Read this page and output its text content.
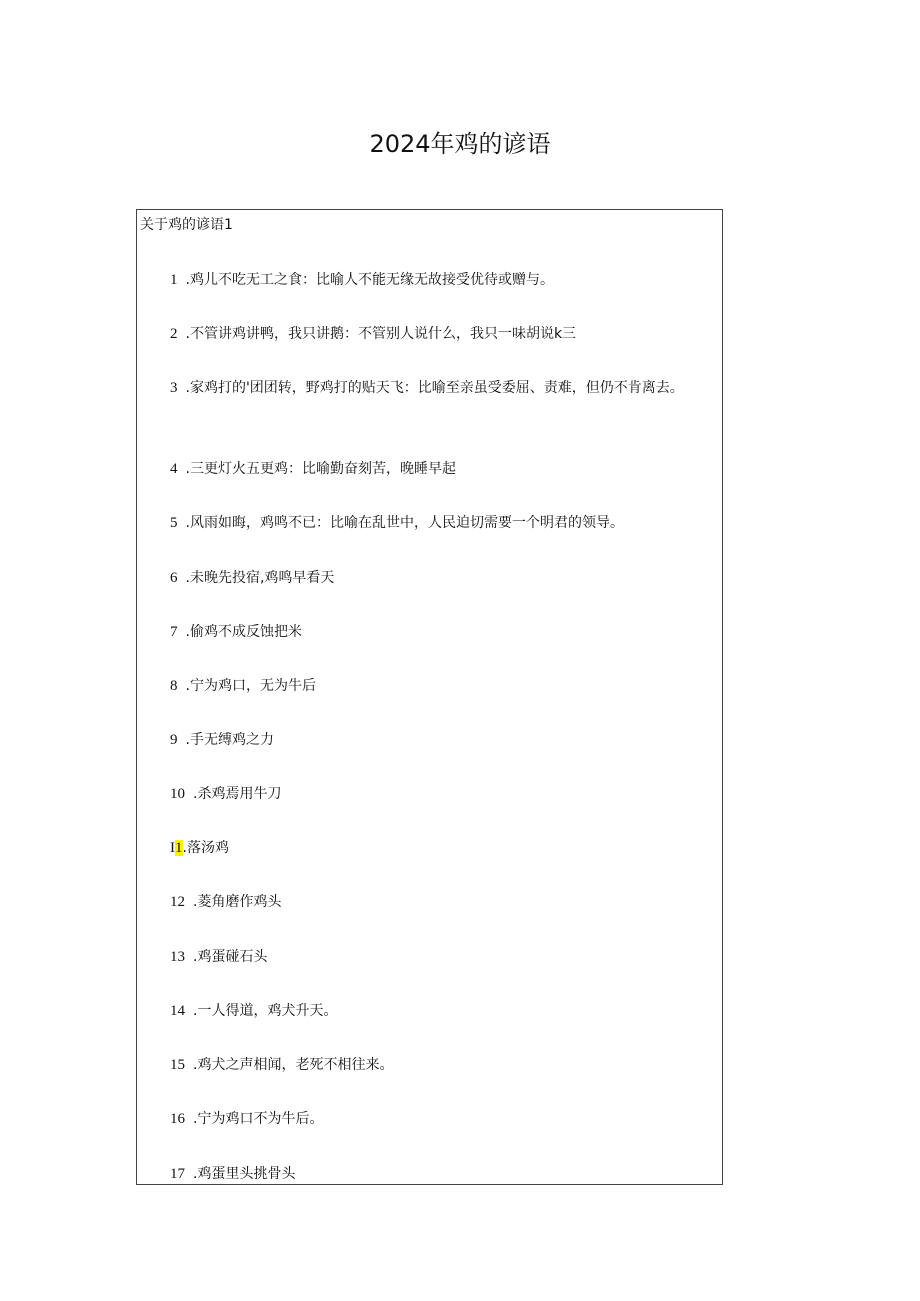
2024年鸡的谚语

关于鸡的谚语1

1 .鸡儿不吃无工之食：比喻人不能无缘无故接受优待或赠与。

2 .不管讲鸡讲鸭，我只讲鹅：不管别人说什么，我只一味胡说k三

3 .家鸡打的'团团转，野鸡打的贴天飞：比喻至亲虽受委屈、责难，但仍不肯离去。

4 .三更灯火五更鸡：比喻勤奋刻苦，晚睡早起

5 .风雨如晦，鸡鸣不已：比喻在乱世中，人民迫切需要一个明君的领导。

6 .未晚先投宿,鸡鸣早看天

7 .偷鸡不成反蚀把米

8 .宁为鸡口，无为牛后

9 .手无缚鸡之力

10 .杀鸡焉用牛刀

I1.落汤鸡

12 .菱角磨作鸡头

13 .鸡蛋碰石头

14 .一人得道，鸡犬升天。

15 .鸡犬之声相闻，老死不相往来。

16 .宁为鸡口不为牛后。

17 .鸡蛋里头挑骨头
